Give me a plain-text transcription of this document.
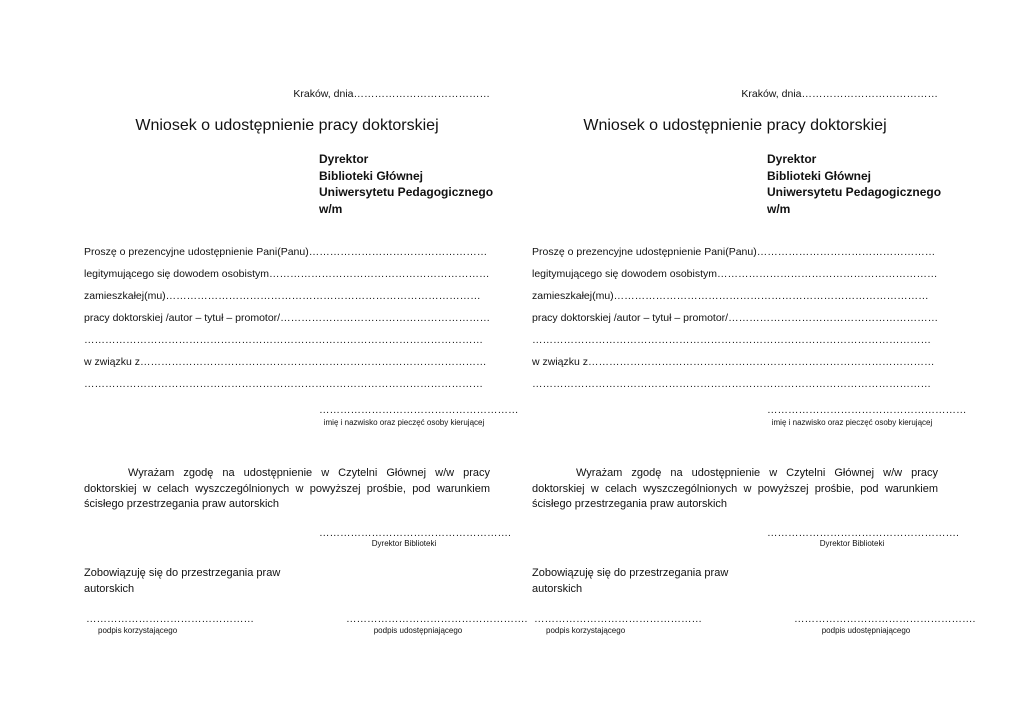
Kraków, dnia…………………………………
Wniosek o udostępnienie pracy doktorskiej
Dyrektor
Biblioteki Głównej
Uniwersytetu Pedagogicznego
w/m
Proszę o prezencyjne udostępnienie Pani(Panu)……………………………………………
legitymującego się dowodem osobistym………………………………………………………
zamieszkałej(mu)………………………………………………………………………………
pracy doktorskiej /autor – tytuł – promotor/……………………………………………………
……………………………………………………………………………………………………
w związku z………………………………………………………………………………………
……………………………………………………………………………………………………
…………………………………………………
imię i nazwisko oraz pieczęć osoby kierującej
Wyrażam zgodę na udostępnienie w Czytelni Głównej w/w pracy doktorskiej w celach wyszczególnionych w powyższej prośbie, pod warunkiem ścisłego przestrzegania praw autorskich
……………………………………………….
Dyrektor Biblioteki
Zobowiązuję się do przestrzegania praw autorskich
…………………………………………	…………………………………………….
podpis korzystającego	podpis udostępniającego
Kraków, dnia…………………………………
Wniosek o udostępnienie pracy doktorskiej
Dyrektor
Biblioteki Głównej
Uniwersytetu Pedagogicznego
w/m
Proszę o prezencyjne udostępnienie Pani(Panu)……………………………………………
legitymującego się dowodem osobistym………………………………………………………
zamieszkałej(mu)………………………………………………………………………………
pracy doktorskiej /autor – tytuł – promotor/……………………………………………………
……………………………………………………………………………………………………
w związku z………………………………………………………………………………………
……………………………………………………………………………………………………
…………………………………………………
imię i nazwisko oraz pieczęć osoby kierującej
Wyrażam zgodę na udostępnienie w Czytelni Głównej w/w pracy doktorskiej w celach wyszczególnionych w powyższej prośbie, pod warunkiem ścisłego przestrzegania praw autorskich
……………………………………………….
Dyrektor Biblioteki
Zobowiązuję się do przestrzegania praw autorskich
…………………………………………	…………………………………………….
podpis korzystającego	podpis udostępniającego
